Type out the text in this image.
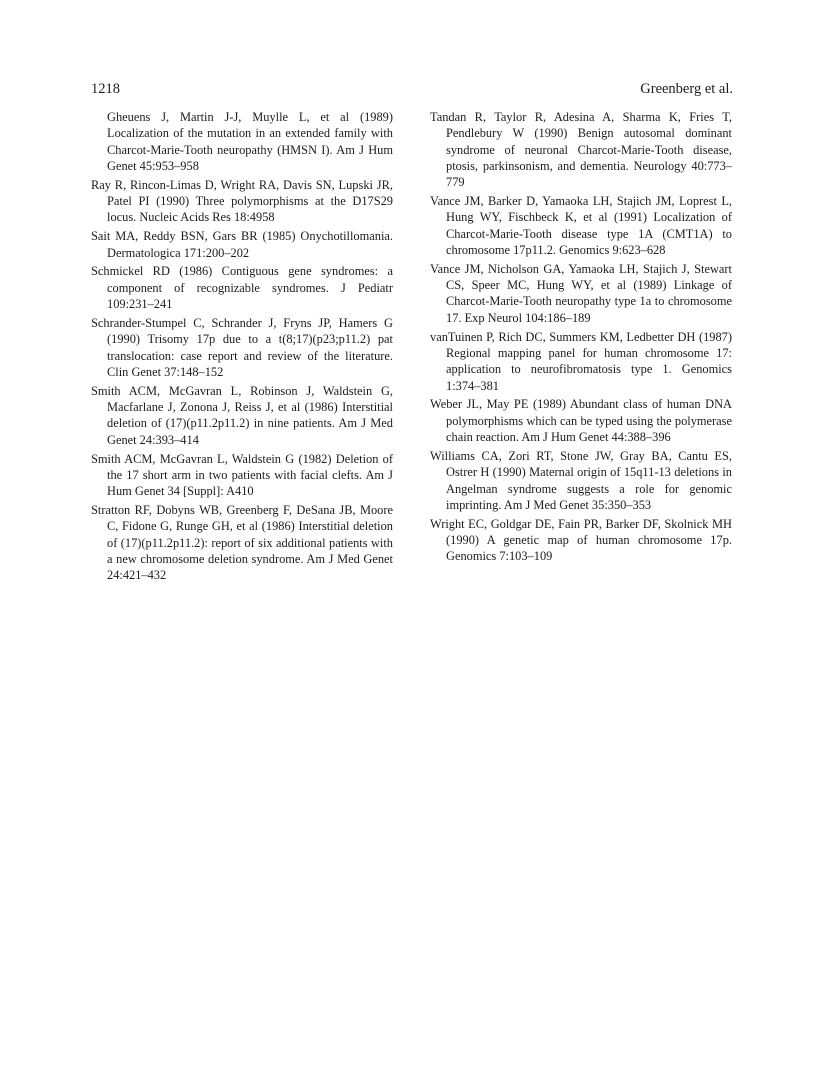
1218	Greenberg et al.

Gheuens J, Martin J-J, Muylle L, et al (1989) Localization of the mutation in an extended family with Charcot-Marie-Tooth neuropathy (HMSN I). Am J Hum Genet 45:953–958

Ray R, Rincon-Limas D, Wright RA, Davis SN, Lupski JR, Patel PI (1990) Three polymorphisms at the D17S29 locus. Nucleic Acids Res 18:4958

Sait MA, Reddy BSN, Gars BR (1985) Onychotillomania. Dermatologica 171:200–202

Schmickel RD (1986) Contiguous gene syndromes: a component of recognizable syndromes. J Pediatr 109:231–241

Schrander-Stumpel C, Schrander J, Fryns JP, Hamers G (1990) Trisomy 17p due to a t(8;17)(p23;p11.2) pat translocation: case report and review of the literature. Clin Genet 37:148–152

Smith ACM, McGavran L, Robinson J, Waldstein G, Macfarlane J, Zonona J, Reiss J, et al (1986) Interstitial deletion of (17)(p11.2p11.2) in nine patients. Am J Med Genet 24:393–414

Smith ACM, McGavran L, Waldstein G (1982) Deletion of the 17 short arm in two patients with facial clefts. Am J Hum Genet 34 [Suppl]: A410

Stratton RF, Dobyns WB, Greenberg F, DeSana JB, Moore C, Fidone G, Runge GH, et al (1986) Interstitial deletion of (17)(p11.2p11.2): report of six additional patients with a new chromosome deletion syndrome. Am J Med Genet 24:421–432

Tandan R, Taylor R, Adesina A, Sharma K, Fries T, Pendlebury W (1990) Benign autosomal dominant syndrome of neuronal Charcot-Marie-Tooth disease, ptosis, parkinsonism, and dementia. Neurology 40:773–779

Vance JM, Barker D, Yamaoka LH, Stajich JM, Loprest L, Hung WY, Fischbeck K, et al (1991) Localization of Charcot-Marie-Tooth disease type 1A (CMT1A) to chromosome 17p11.2. Genomics 9:623–628

Vance JM, Nicholson GA, Yamaoka LH, Stajich J, Stewart CS, Speer MC, Hung WY, et al (1989) Linkage of Charcot-Marie-Tooth neuropathy type 1a to chromosome 17. Exp Neurol 104:186–189

vanTuinen P, Rich DC, Summers KM, Ledbetter DH (1987) Regional mapping panel for human chromosome 17: application to neurofibromatosis type 1. Genomics 1:374–381

Weber JL, May PE (1989) Abundant class of human DNA polymorphisms which can be typed using the polymerase chain reaction. Am J Hum Genet 44:388–396

Williams CA, Zori RT, Stone JW, Gray BA, Cantu ES, Ostrer H (1990) Maternal origin of 15q11-13 deletions in Angelman syndrome suggests a role for genomic imprinting. Am J Med Genet 35:350–353

Wright EC, Goldgar DE, Fain PR, Barker DF, Skolnick MH (1990) A genetic map of human chromosome 17p. Genomics 7:103–109
